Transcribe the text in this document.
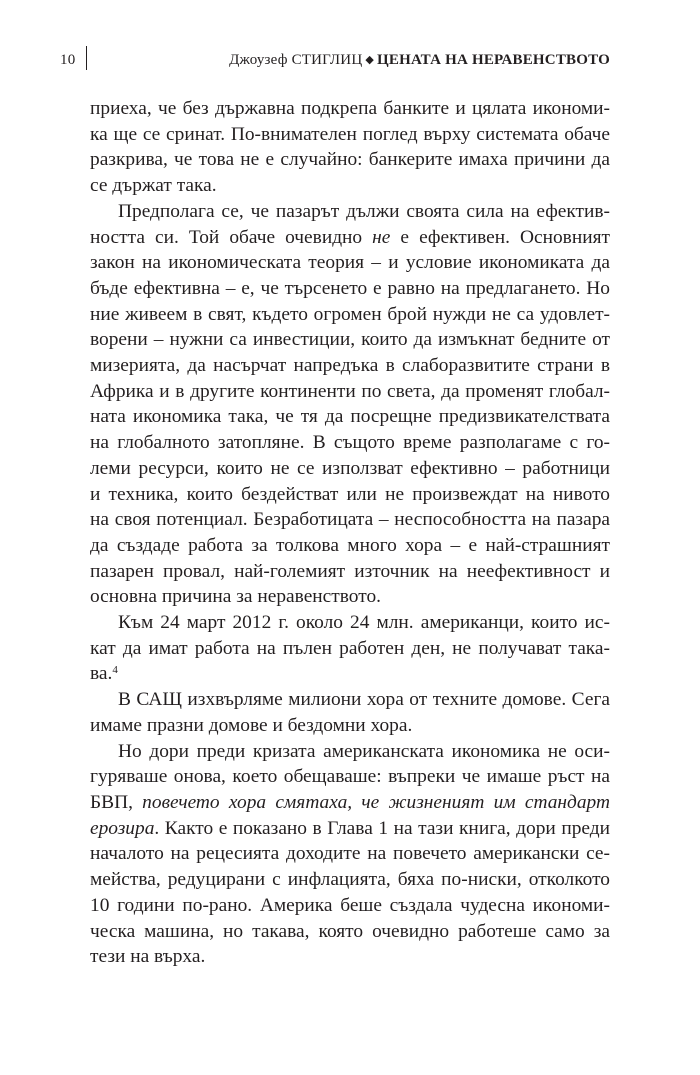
10	Джоузеф СТИГЛИЦ ◆ ЦЕНАТА НА НЕРАВЕНСТВОТО

приеха, че без държавна подкрепа банките и цялата икономи-
ка ще се сринат. По-внимателен поглед върху системата обаче
разкрива, че това не е случайно: банкерите имаха причини да
се държат така.

Предполага се, че пазарът дължи своята сила на ефектив-
ността си. Той обаче очевидно не е ефективен. Основният
закон на икономическата теория – и условие икономиката да
бъде ефективна – е, че търсенето е равно на предлагането. Но
ние живеем в свят, където огромен брой нужди не са удовлет-
ворени – нужни са инвестиции, които да измъкнат бедните от
мизерията, да насърчат напредъка в слаборазвитите страни в
Африка и в другите континенти по света, да променят глобал-
ната икономика така, че тя да посрещне предизвикателствата
на глобалното затопляне. В същото време разполагаме с го-
леми ресурси, които не се използват ефективно – работници
и техника, които бездействат или не произвеждат на нивото
на своя потенциал. Безработицата – неспособността на пазара
да създаде работа за толкова много хора – е най-страшният
пазарен провал, най-големият източник на неефективност и
основна причина за неравенството.

Към 24 март 2012 г. около 24 млн. американци, които ис-
кат да имат работа на пълен работен ден, не получават така-
ва.$^4$

В САЩ изхвърляме милиони хора от техните домове. Сега
имаме празни домове и бездомни хора.

Но дори преди кризата американската икономика не оси-
гуряваше онова, което обещаваше: въпреки че имаше ръст на
БВП, повечето хора смятаха, че жизненият им стандарт
ерозира. Както е показано в Глава 1 на тази книга, дори преди
началото на рецесията доходите на повечето американски се-
мейства, редуцирани с инфлацията, бяха по-ниски, отколкото
10 години по-рано. Америка беше създала чудесна икономи-
ческа машина, но такава, която очевидно работеше само за
тези на върха.
